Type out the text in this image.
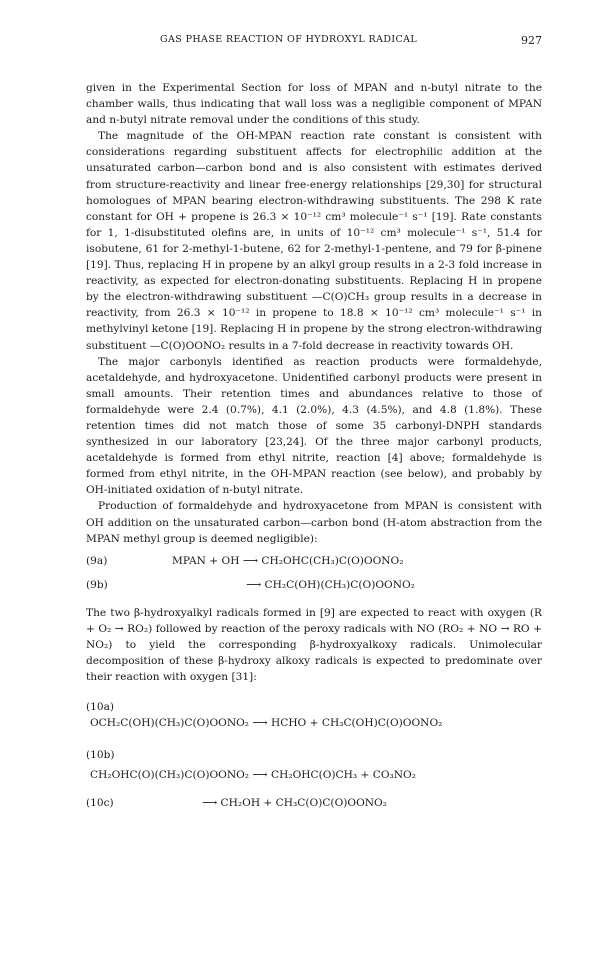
GAS PHASE REACTION OF HYDROXYL RADICAL	927

given in the Experimental Section for loss of MPAN and n-butyl nitrate to the chamber walls, thus indicating that wall loss was a negligible component of MPAN and n-butyl nitrate removal under the conditions of this study.

The magnitude of the OH-MPAN reaction rate constant is consistent with considerations regarding substituent affects for electrophilic addition at the unsaturated carbon—carbon bond and is also consistent with estimates derived from structure-reactivity and linear free-energy relationships [29,30] for structural homologues of MPAN bearing electron-withdrawing substituents. The 298 K rate constant for OH + propene is 26.3 × 10⁻¹² cm³ molecule⁻¹ s⁻¹ [19]. Rate constants for 1, 1-disubstituted olefins are, in units of 10⁻¹² cm³ molecule⁻¹ s⁻¹, 51.4 for isobutene, 61 for 2-methyl-1-butene, 62 for 2-methyl-1-pentene, and 79 for β-pinene [19]. Thus, replacing H in propene by an alkyl group results in a 2-3 fold increase in reactivity, as expected for electron-donating substituents. Replacing H in propene by the electron-withdrawing substituent —C(O)CH₃ group results in a decrease in reactivity, from 26.3 × 10⁻¹² in propene to 18.8 × 10⁻¹² cm³ molecule⁻¹ s⁻¹ in methylvinyl ketone [19]. Replacing H in propene by the strong electron-withdrawing substituent —C(O)OONO₂ results in a 7-fold decrease in reactivity towards OH.

The major carbonyls identified as reaction products were formaldehyde, acetaldehyde, and hydroxyacetone. Unidentified carbonyl products were present in small amounts. Their retention times and abundances relative to those of formaldehyde were 2.4 (0.7%), 4.1 (2.0%), 4.3 (4.5%), and 4.8 (1.8%). These retention times did not match those of some 35 carbonyl-DNPH standards synthesized in our laboratory [23,24]. Of the three major carbonyl products, acetaldehyde is formed from ethyl nitrite, reaction [4] above; formaldehyde is formed from ethyl nitrite, in the OH-MPAN reaction (see below), and probably by OH-initiated oxidation of n-butyl nitrate.

Production of formaldehyde and hydroxyacetone from MPAN is consistent with OH addition on the unsaturated carbon—carbon bond (H-atom abstraction from the MPAN methyl group is deemed negligible):

(9a)	MPAN + OH ⟶ CH₂OHC(CH₃)C(O)OONO₂
(9b)	⟶ CH₂C(OH)(CH₃)C(O)OONO₂

The two β-hydroxyalkyl radicals formed in [9] are expected to react with oxygen (R + O₂ → RO₂) followed by reaction of the peroxy radicals with NO (RO₂ + NO → RO + NO₂) to yield the corresponding β-hydroxyalkoxy radicals. Unimolecular decomposition of these β-hydroxy alkoxy radicals is expected to predominate over their reaction with oxygen [31]:

(10a)
OCH₂C(OH)(CH₃)C(O)OONO₂ ⟶ HCHO + CH₃C(OH)C(O)OONO₂
(10b)
CH₂OHC(O)(CH₃)C(O)OONO₂ ⟶ CH₂OHC(O)CH₃ + CO₃NO₂
(10c)	⟶ CH₂OH + CH₃C(O)C(O)OONO₂
